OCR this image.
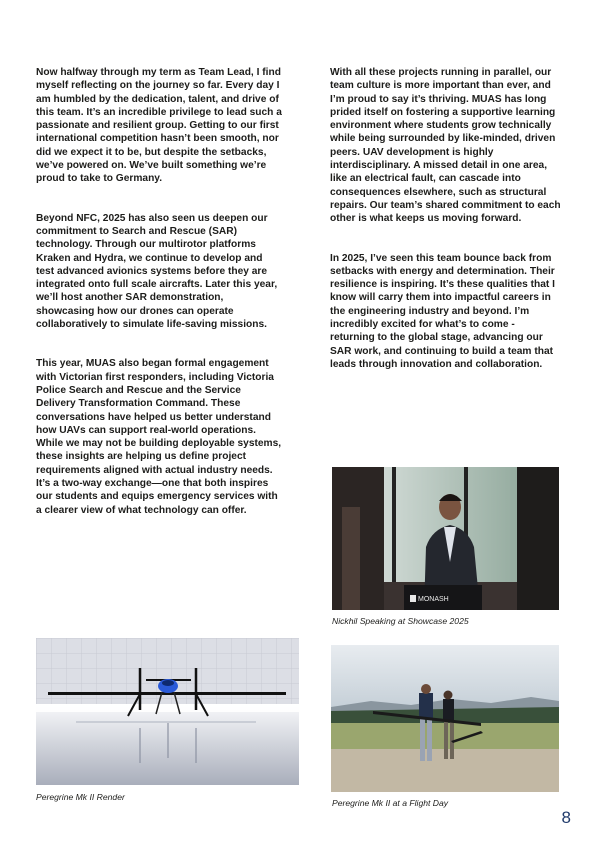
Now halfway through my term as Team Lead, I find myself reflecting on the journey so far. Every day I am humbled by the dedication, talent, and drive of this team. It’s an incredible privilege to lead such a passionate and resilient group. Getting to our first international competition hasn’t been smooth, nor did we expect it to be, but despite the setbacks, we’ve powered on. We’ve built something we’re proud to take to Germany.

Beyond NFC, 2025 has also seen us deepen our commitment to Search and Rescue (SAR) technology. Through our multirotor platforms Kraken and Hydra, we continue to develop and test advanced avionics systems before they are integrated onto full scale aircrafts. Later this year, we’ll host another SAR demonstration, showcasing how our drones can operate collaboratively to simulate life-saving missions.

This year, MUAS also began formal engagement with Victorian first responders, including Victoria Police Search and Rescue and the Service Delivery Transformation Command. These conversations have helped us better understand how UAVs can support real-world operations. While we may not be building deployable systems, these insights are helping us define project requirements aligned with actual industry needs. It’s a two-way exchange—one that both inspires our students and equips emergency services with a clearer view of what technology can offer.

With all these projects running in parallel, our team culture is more important than ever, and I’m proud to say it’s thriving. MUAS has long prided itself on fostering a supportive learning environment where students grow technically while being surrounded by like-minded, driven peers. UAV development is highly interdisciplinary. A missed detail in one area, like an electrical fault, can cascade into consequences elsewhere, such as structural repairs. Our team’s shared commitment to each other is what keeps us moving forward.

In 2025, I’ve seen this team bounce back from setbacks with energy and determination. Their resilience is inspiring. It’s these qualities that I know will carry them into impactful careers in the engineering industry and beyond. I’m incredibly excited for what’s to come - returning to the global stage, advancing our SAR work, and continuing to build a team that leads through innovation and collaboration.

MONASH
Nickhil Speaking at Showcase 2025
Peregrine Mk II Render
Peregrine Mk II at a Flight Day
8
